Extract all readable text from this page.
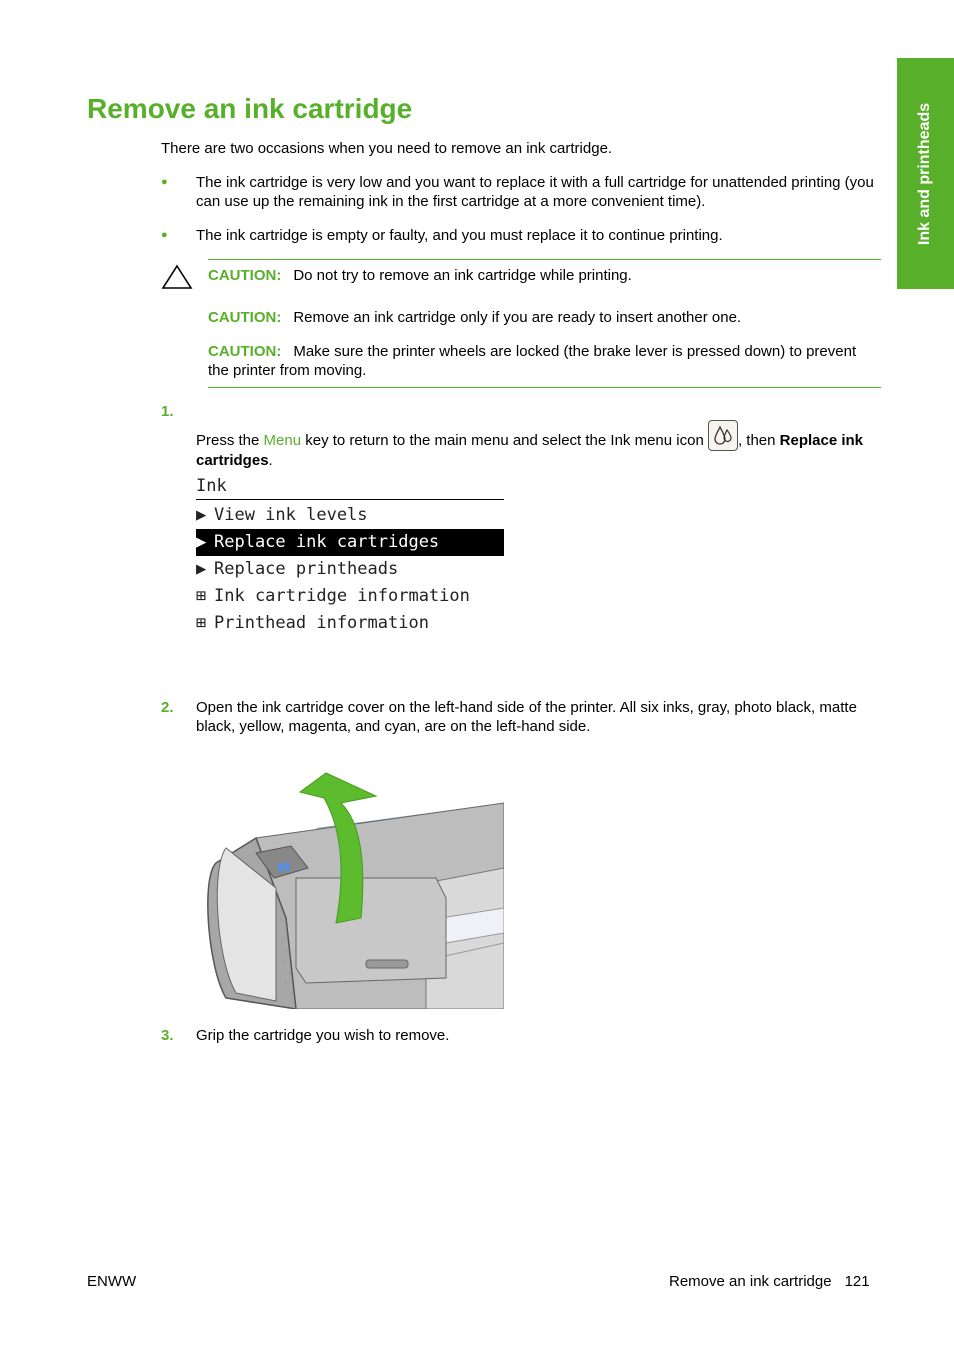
Ink and printheads
Remove an ink cartridge
There are two occasions when you need to remove an ink cartridge.
● The ink cartridge is very low and you want to replace it with a full cartridge for unattended printing (you can use up the remaining ink in the first cartridge at a more convenient time).
● The ink cartridge is empty or faulty, and you must replace it to continue printing.
CAUTION: Do not try to remove an ink cartridge while printing.
CAUTION: Remove an ink cartridge only if you are ready to insert another one.
CAUTION: Make sure the printer wheels are locked (the brake lever is pressed down) to prevent the printer from moving.
1.
Press the Menu key to return to the main menu and select the Ink menu icon
, then Replace ink cartridges.
Ink
▶ View ink levels
▶ Replace ink cartridges
▶ Replace printheads
⊞ Ink cartridge information
⊞ Printhead information
2. Open the ink cartridge cover on the left-hand side of the printer. All six inks, gray, photo black, matte black, yellow, magenta, and cyan, are on the left-hand side.
3. Grip the cartridge you wish to remove.
ENWW	Remove an ink cartridge 121
